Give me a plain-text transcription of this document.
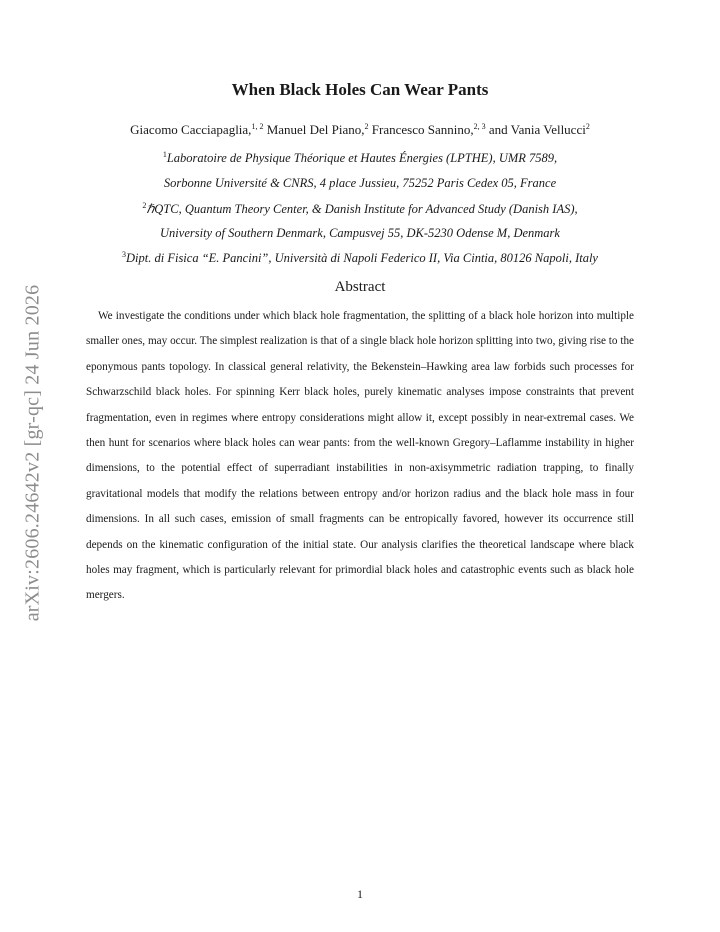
arXiv:2606.24642v2 [gr-qc] 24 Jun 2026
When Black Holes Can Wear Pants
Giacomo Cacciapaglia,$^{1, 2}$ Manuel Del Piano,$^2$ Francesco Sannino,$^{2, 3}$ and Vania Vellucci$^2$
$^1$Laboratoire de Physique Théorique et Hautes Énergies (LPTHE), UMR 7589,
Sorbonne Université & CNRS, 4 place Jussieu, 75252 Paris Cedex 05, France
$^2$ℏQTC, Quantum Theory Center, & Danish Institute for Advanced Study (Danish IAS),
University of Southern Denmark, Campusvej 55, DK-5230 Odense M, Denmark
$^3$Dipt. di Fisica “E. Pancini”, Università di Napoli Federico II, Via Cintia, 80126 Napoli, Italy
Abstract

We investigate the conditions under which black hole fragmentation, the splitting of a black hole horizon into multiple smaller ones, may occur. The simplest realization is that of a single black hole horizon splitting into two, giving rise to the eponymous pants topology. In classical general relativity, the Bekenstein–Hawking area law forbids such processes for Schwarzschild black holes. For spinning Kerr black holes, purely kinematic analyses impose constraints that prevent fragmentation, even in regimes where entropy considerations might allow it, except possibly in near-extremal cases. We then hunt for scenarios where black holes can wear pants: from the well-known Gregory–Laflamme instability in higher dimensions, to the potential effect of superradiant instabilities in non-axisymmetric radiation trapping, to finally gravitational models that modify the relations between entropy and/or horizon radius and the black hole mass in four dimensions. In all such cases, emission of small fragments can be entropically favored, however its occurrence still depends on the kinematic configuration of the initial state. Our analysis clarifies the theoretical landscape where black holes may fragment, which is particularly relevant for primordial black holes and catastrophic events such as black hole mergers.

1
